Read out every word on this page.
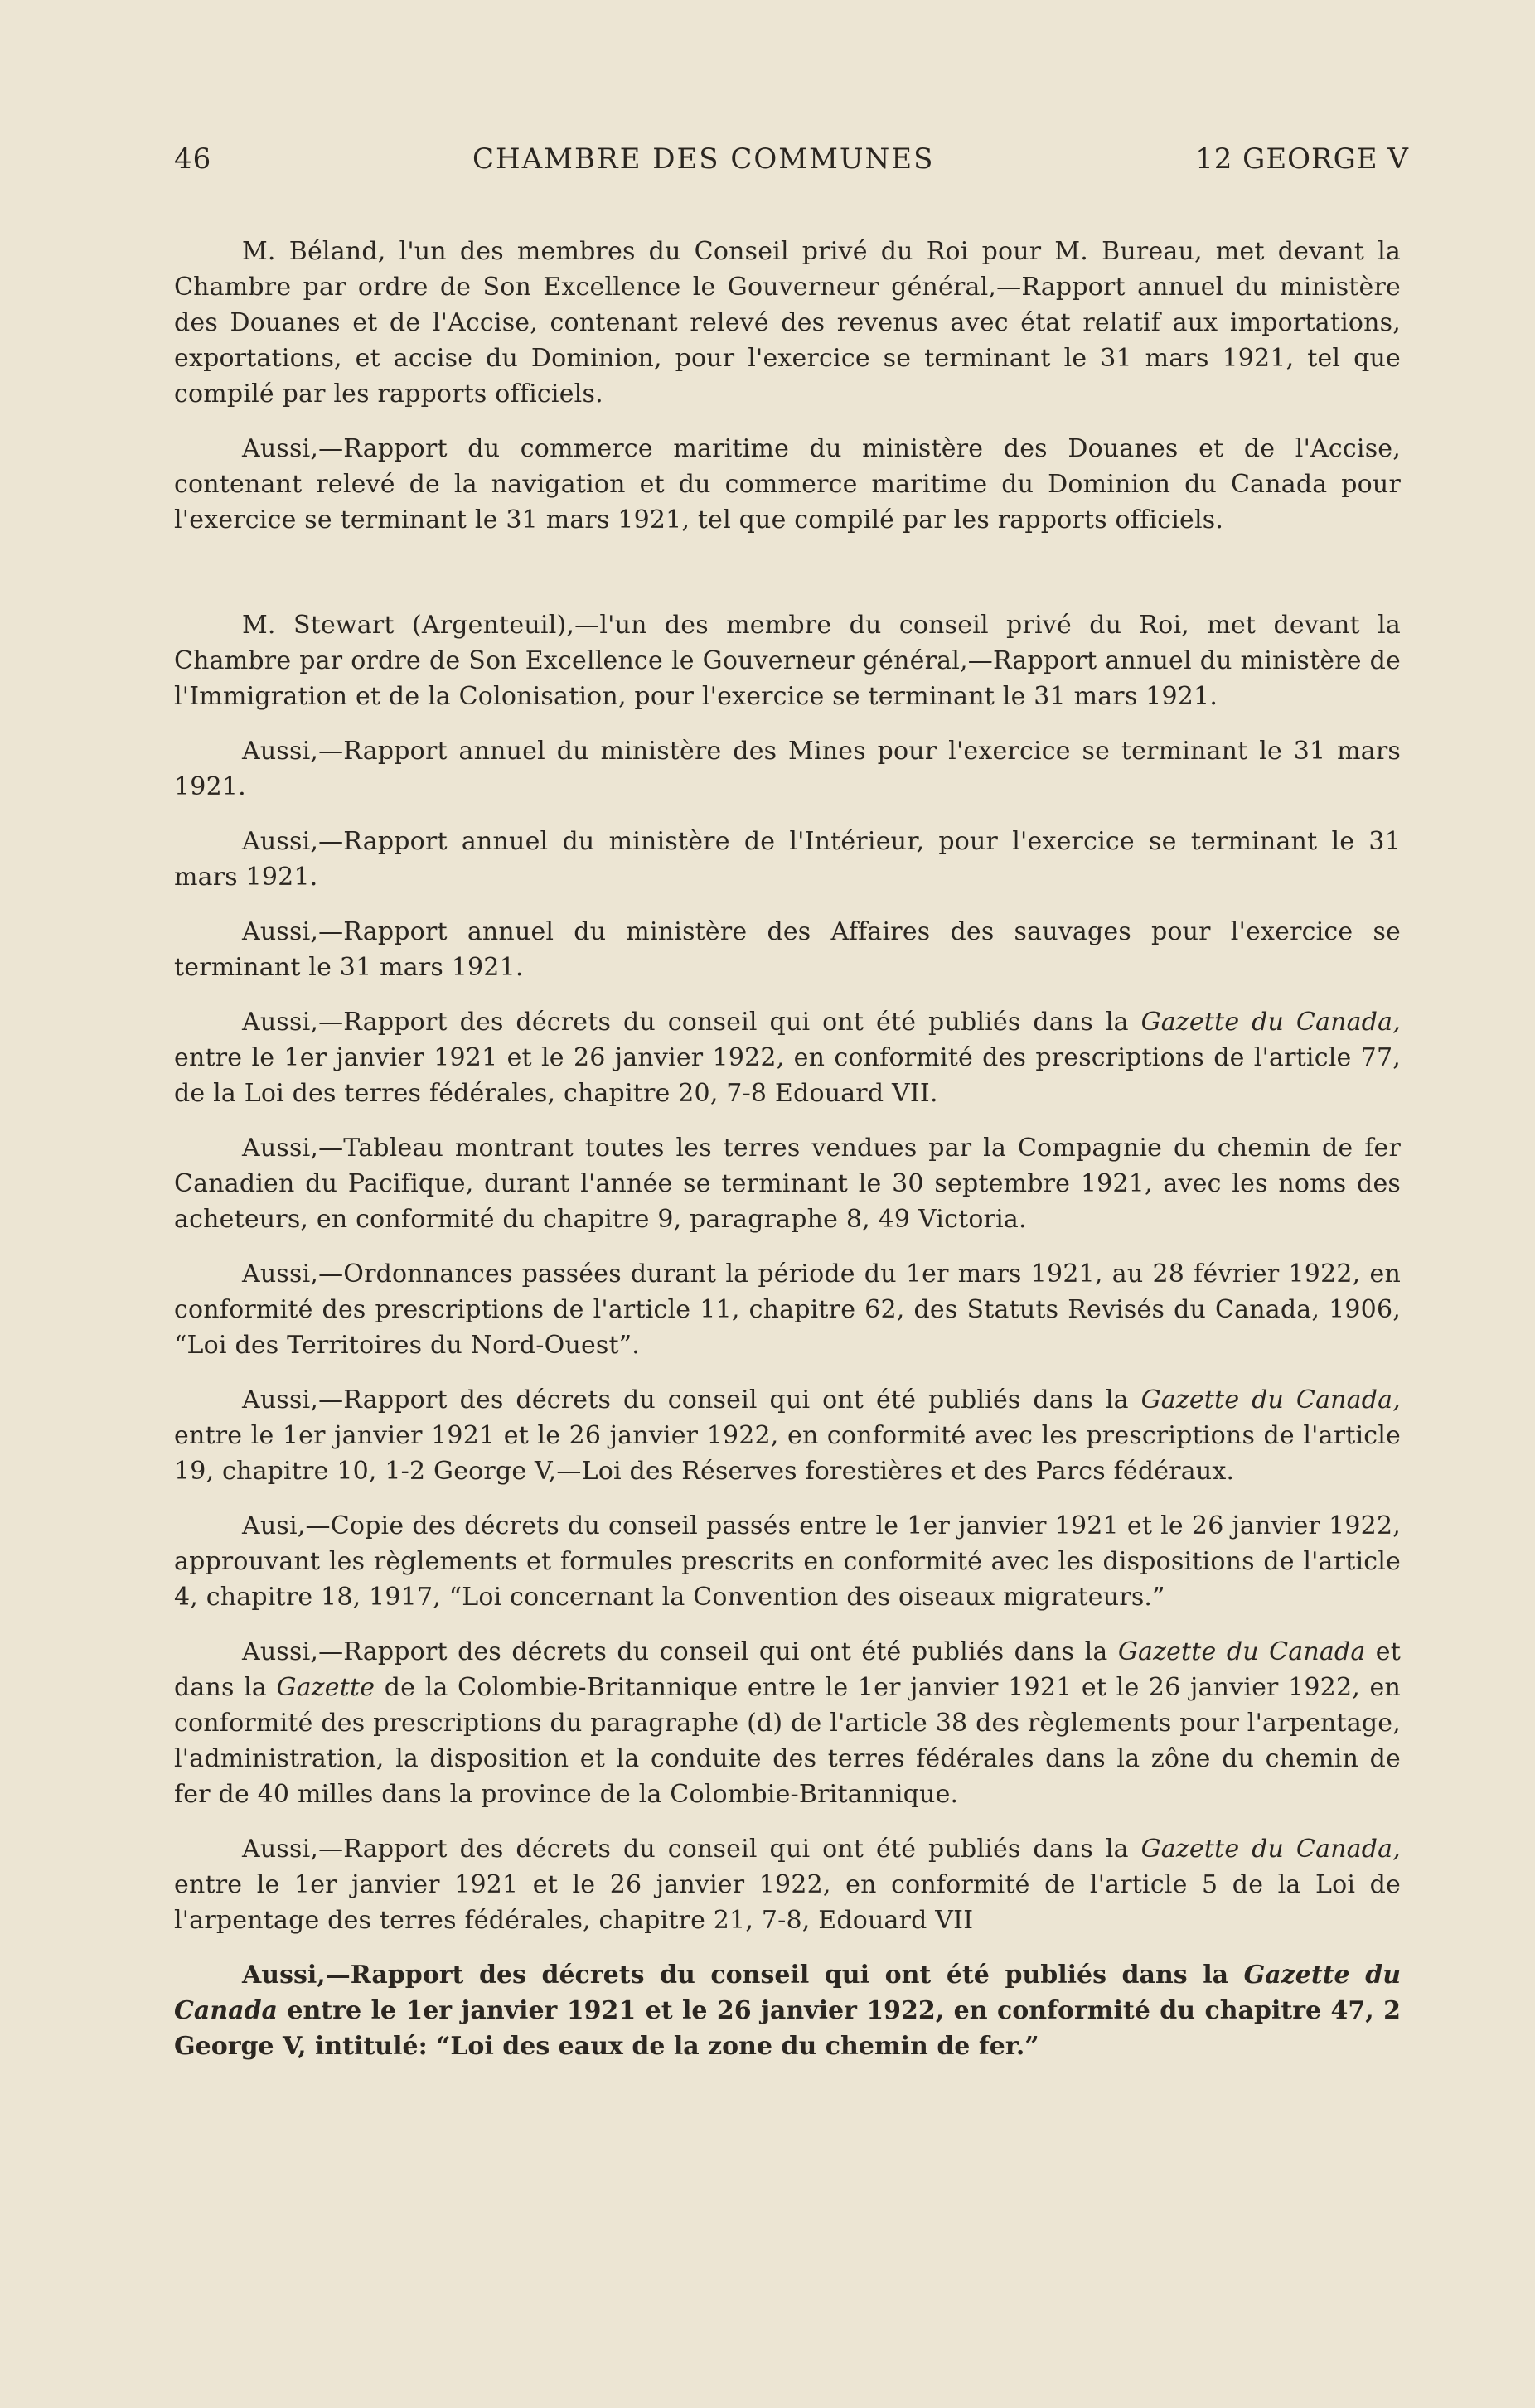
46	CHAMBRE DES COMMUNES	12 GEORGE V

M. Béland, l'un des membres du Conseil privé du Roi pour M. Bureau, met devant la Chambre par ordre de Son Excellence le Gouverneur général,—Rapport annuel du ministère des Douanes et de l'Accise, contenant relevé des revenus avec état relatif aux importations, exportations, et accise du Dominion, pour l'exercice se terminant le 31 mars 1921, tel que compilé par les rapports officiels.

Aussi,—Rapport du commerce maritime du ministère des Douanes et de l'Accise, contenant relevé de la navigation et du commerce maritime du Dominion du Canada pour l'exercice se terminant le 31 mars 1921, tel que compilé par les rapports officiels.

M. Stewart (Argenteuil),—l'un des membre du conseil privé du Roi, met devant la Chambre par ordre de Son Excellence le Gouverneur général,—Rapport annuel du ministère de l'Immigration et de la Colonisation, pour l'exercice se terminant le 31 mars 1921.

Aussi,—Rapport annuel du ministère des Mines pour l'exercice se terminant le 31 mars 1921.

Aussi,—Rapport annuel du ministère de l'Intérieur, pour l'exercice se terminant le 31 mars 1921.

Aussi,—Rapport annuel du ministère des Affaires des sauvages pour l'exercice se terminant le 31 mars 1921.

Aussi,—Rapport des décrets du conseil qui ont été publiés dans la Gazette du Canada, entre le 1er janvier 1921 et le 26 janvier 1922, en conformité des prescriptions de l'article 77, de la Loi des terres fédérales, chapitre 20, 7-8 Edouard VII.

Aussi,—Tableau montrant toutes les terres vendues par la Compagnie du chemin de fer Canadien du Pacifique, durant l'année se terminant le 30 septembre 1921, avec les noms des acheteurs, en conformité du chapitre 9, paragraphe 8, 49 Victoria.

Aussi,—Ordonnances passées durant la période du 1er mars 1921, au 28 février 1922, en conformité des prescriptions de l'article 11, chapitre 62, des Statuts Revisés du Canada, 1906, “Loi des Territoires du Nord-Ouest”.

Aussi,—Rapport des décrets du conseil qui ont été publiés dans la Gazette du Canada, entre le 1er janvier 1921 et le 26 janvier 1922, en conformité avec les prescriptions de l'article 19, chapitre 10, 1-2 George V,—Loi des Réserves forestières et des Parcs fédéraux.

Ausi,—Copie des décrets du conseil passés entre le 1er janvier 1921 et le 26 janvier 1922, approuvant les règlements et formules prescrits en conformité avec les dispositions de l'article 4, chapitre 18, 1917, “Loi concernant la Convention des oiseaux migrateurs.”

Aussi,—Rapport des décrets du conseil qui ont été publiés dans la Gazette du Canada et dans la Gazette de la Colombie-Britannique entre le 1er janvier 1921 et le 26 janvier 1922, en conformité des prescriptions du paragraphe (d) de l'article 38 des règlements pour l'arpentage, l'administration, la disposition et la conduite des terres fédérales dans la zône du chemin de fer de 40 milles dans la province de la Colombie-Britannique.

Aussi,—Rapport des décrets du conseil qui ont été publiés dans la Gazette du Canada, entre le 1er janvier 1921 et le 26 janvier 1922, en conformité de l'article 5 de la Loi de l'arpentage des terres fédérales, chapitre 21, 7-8, Edouard VII

Aussi,—Rapport des décrets du conseil qui ont été publiés dans la Gazette du Canada entre le 1er janvier 1921 et le 26 janvier 1922, en conformité du chapitre 47, 2 George V, intitulé: “Loi des eaux de la zone du chemin de fer.”
